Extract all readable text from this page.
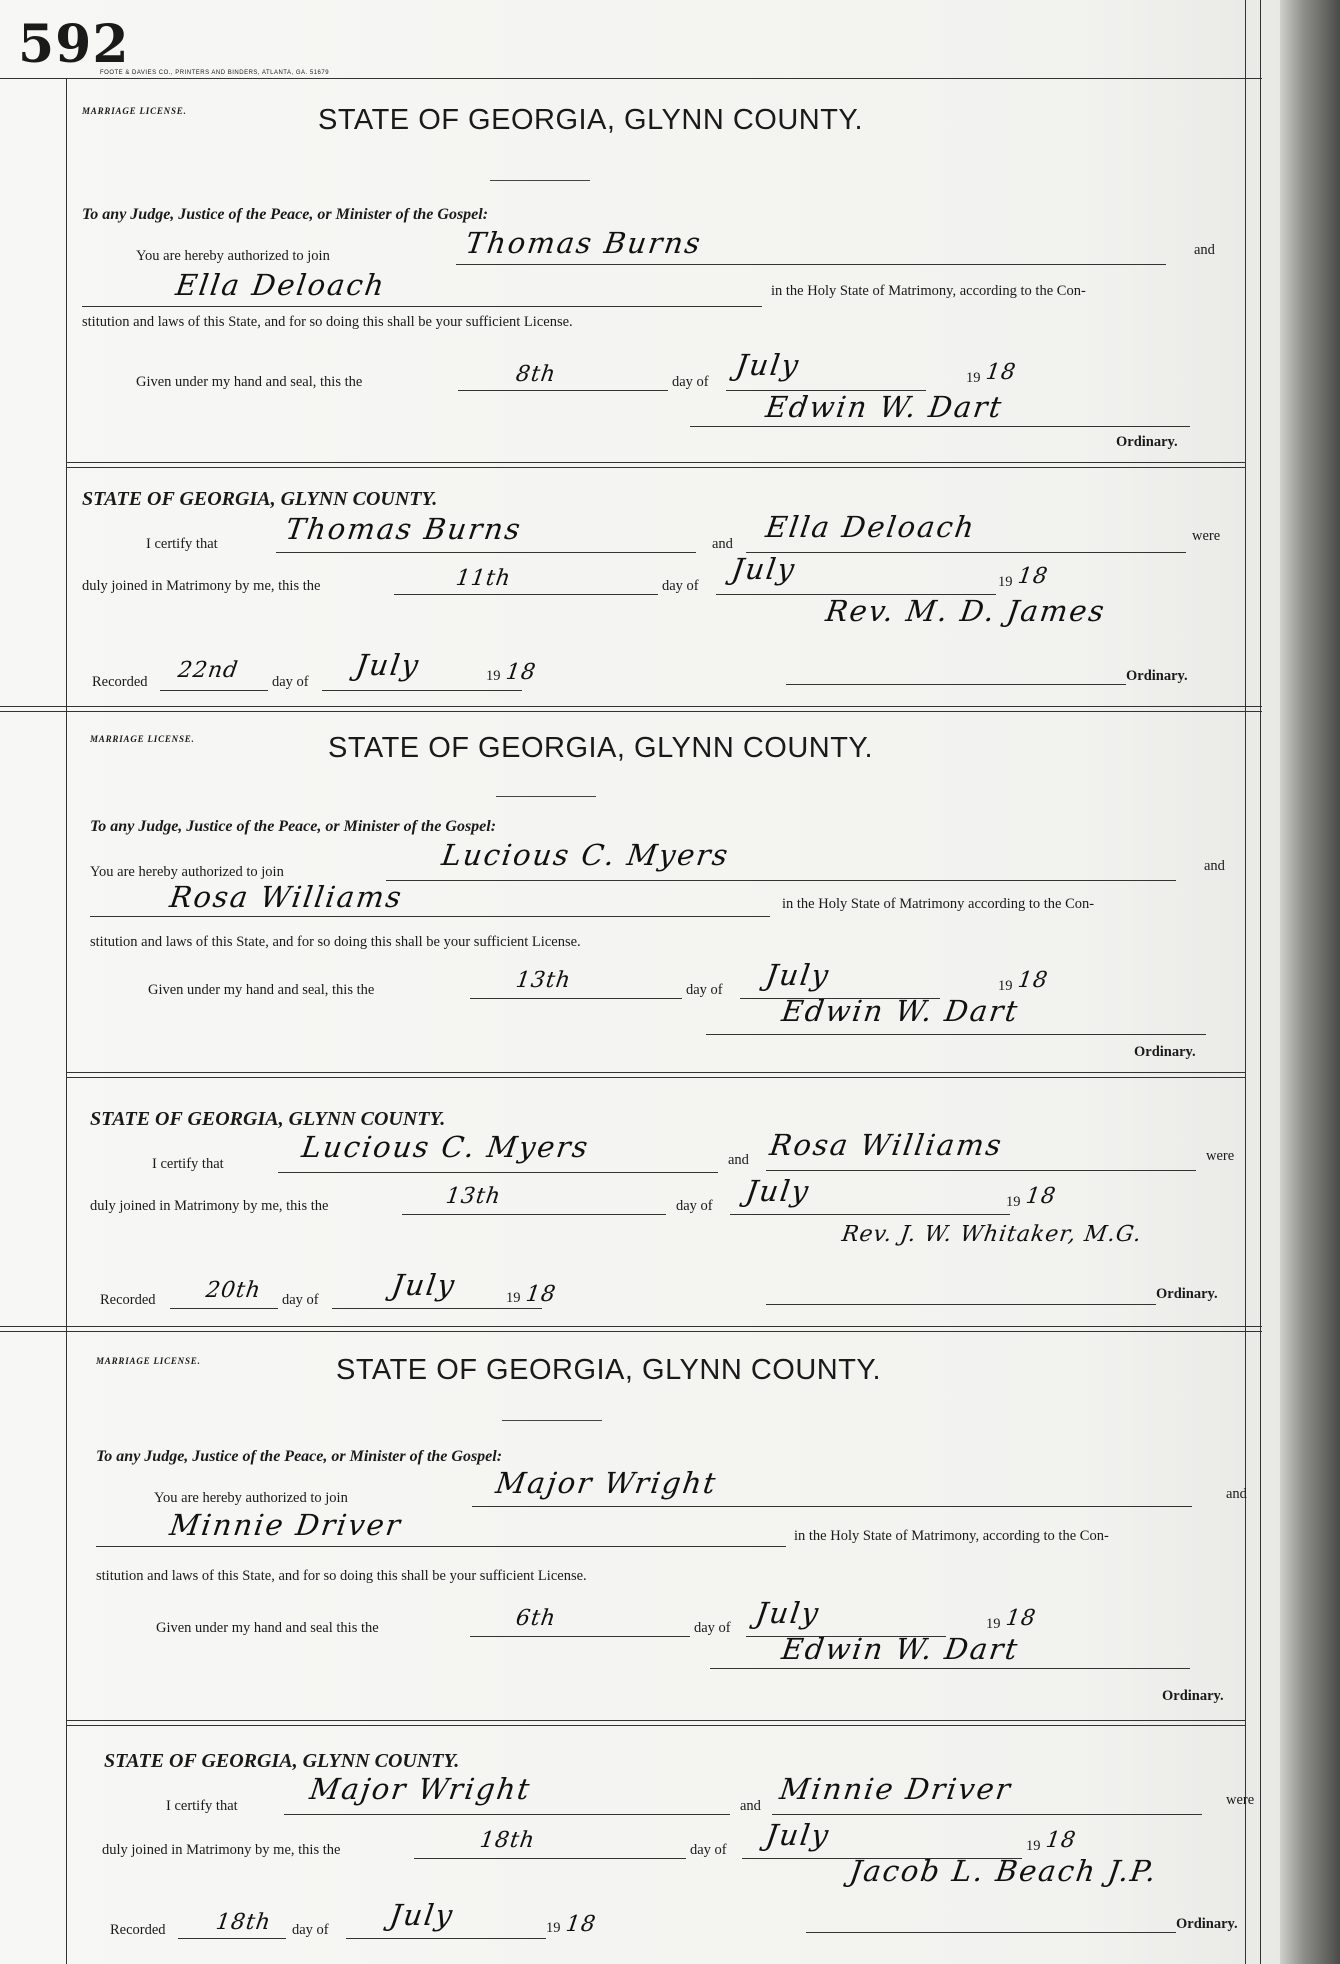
592
FOOTE & DAVIES CO., PRINTERS AND BINDERS, ATLANTA, GA. 51679
MARRIAGE LICENSE.	STATE OF GEORGIA, GLYNN COUNTY.
To any Judge, Justice of the Peace, or Minister of the Gospel:
You are hereby authorized to join	Thomas Burns	and
Ella Deloach	in the Holy State of Matrimony, according to the Con-
stitution and laws of this State, and for so doing this shall be your sufficient License.
Given under my hand and seal, this the	8th	day of July	19 18
Edwin W. Dart
Ordinary.
STATE OF GEORGIA, GLYNN COUNTY.
I certify that Thomas Burns	and Ella Deloach	were
duly joined in Matrimony by me, this the	11th	day of July	19 18
Rev. M. D. James
Recorded 22nd day of July	19 18	Ordinary.
MARRIAGE LICENSE.	STATE OF GEORGIA, GLYNN COUNTY.
To any Judge, Justice of the Peace, or Minister of the Gospel:
You are hereby authorized to join	Lucious C. Myers	and
Rosa Williams	in the Holy State of Matrimony according to the Con-
stitution and laws of this State, and for so doing this shall be your sufficient License.
Given under my hand and seal, this the	13th	day of July	19 18
Edwin W. Dart
Ordinary.
STATE OF GEORGIA, GLYNN COUNTY.
I certify that	Lucious C. Myers	and Rosa Williams	were
duly joined in Matrimony by me, this the	13th	day of July	19 18
Rev. J. W. Whitaker, M.G.
Recorded 20th day of July	19 18	Ordinary.
MARRIAGE LICENSE.	STATE OF GEORGIA, GLYNN COUNTY.
To any Judge, Justice of the Peace, or Minister of the Gospel:
You are hereby authorized to join	Major Wright	and
Minnie Driver	in the Holy State of Matrimony, according to the Con-
stitution and laws of this State, and for so doing this shall be your sufficient License.
Given under my hand and seal this the	6th	day of July	19 18
Edwin W. Dart
Ordinary.
STATE OF GEORGIA, GLYNN COUNTY.
I certify that Major Wright	and Minnie Driver	were
duly joined in Matrimony by me, this the	18th	day of July	19 18
Jacob L. Beach J.P.
Recorded 18th day of July	19 18	Ordinary.
